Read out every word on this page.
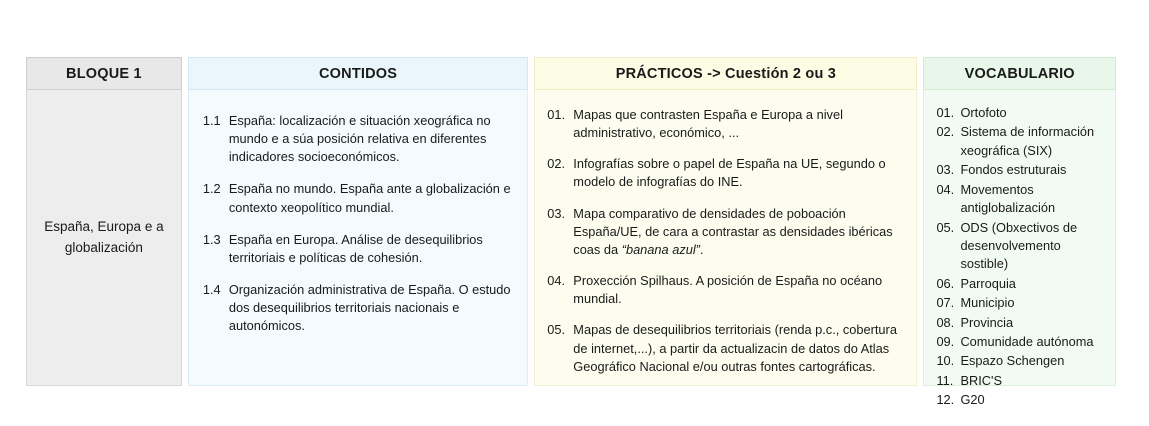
BLOQUE 1
España, Europa e a globalización
CONTIDOS
1.1 España: localización e situación xeográfica no mundo e a súa posición relativa en diferentes indicadores socioeconómicos.
1.2 España no mundo. España ante a globalización e contexto xeopolítico mundial.
1.3 España en Europa. Análise de desequilibrios territoriais e políticas de cohesión.
1.4 Organización administrativa de España. O estudo dos desequilibrios territoriais nacionais e autonómicos.
PRÁCTICOS -> Cuestión 2 ou 3
01. Mapas que contrasten España e Europa a nivel administrativo, económico, ...
02. Infografías sobre o papel de España na UE, segundo o modelo de infografías do INE.
03. Mapa comparativo de densidades de poboación España/UE, de cara a contrastar as densidades ibéricas coas da “banana azul”.
04. Proxección Spilhaus. A posición de España no océano mundial.
05. Mapas de desequilibrios territoriais (renda p.c., cobertura de internet,...), a partir da actualizacin de datos do Atlas Geográfico Nacional e/ou outras fontes cartográficas.
VOCABULARIO
01. Ortofoto
02. Sistema de información xeográfica (SIX)
03. Fondos estruturais
04. Movementos antiglobalización
05. ODS (Obxectivos de desenvolvemento sostible)
06. Parroquia
07. Municipio
08. Provincia
09. Comunidade autónoma
10. Espazo Schengen
11. BRIC'S
12. G20
